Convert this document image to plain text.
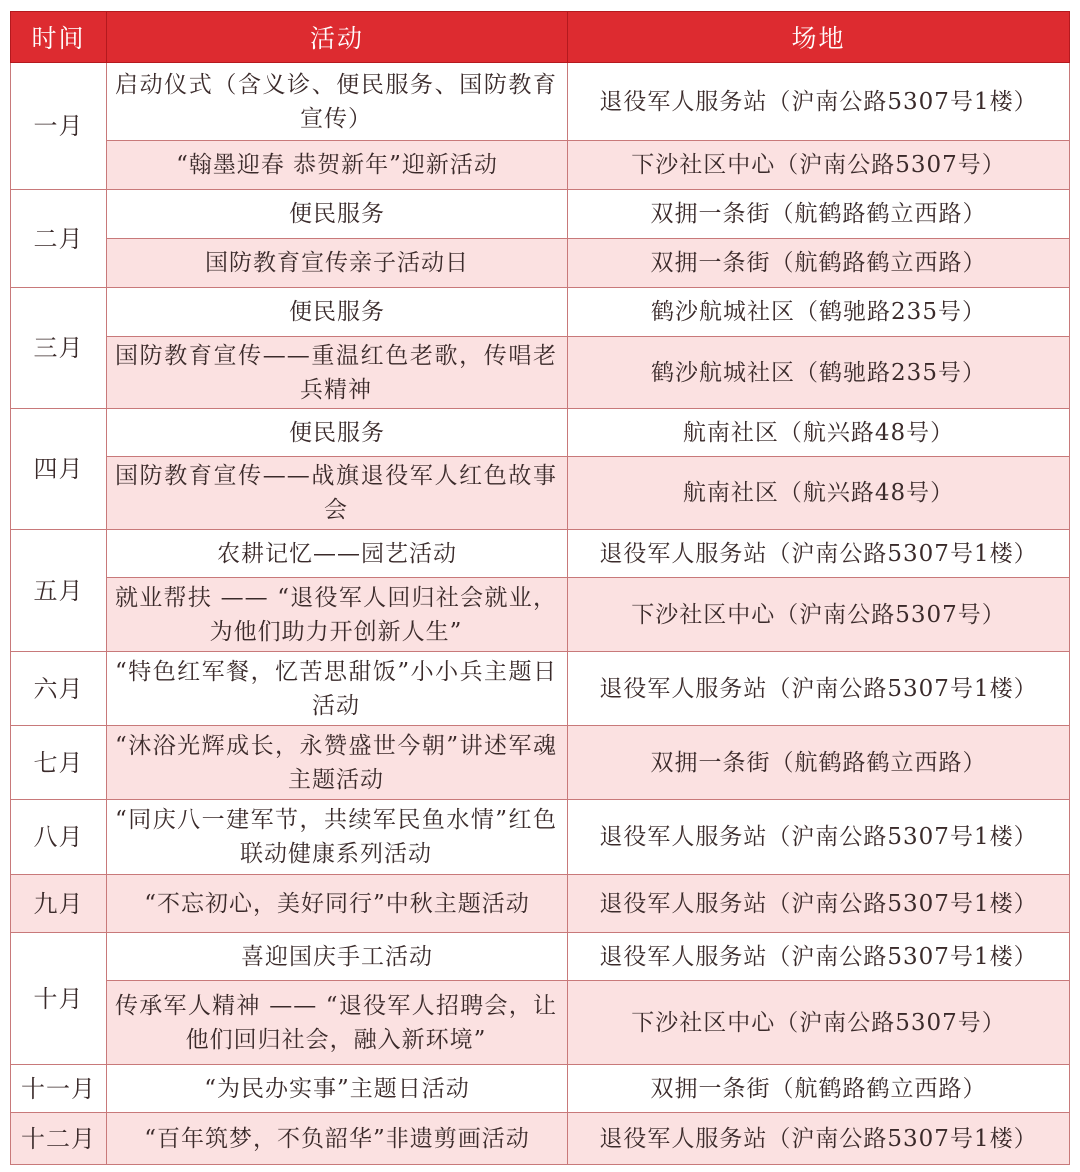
时间	活动	场地
一月	启动仪式（含义诊、便民服务、国防教育宣传）	退役军人服务站（沪南公路5307号1楼）
	“翰墨迎春 恭贺新年”迎新活动	下沙社区中心（沪南公路5307号）
二月	便民服务	双拥一条街（航鹤路鹤立西路）
	国防教育宣传亲子活动日	双拥一条街（航鹤路鹤立西路）
三月	便民服务	鹤沙航城社区（鹤驰路235号）
	国防教育宣传——重温红色老歌，传唱老兵精神	鹤沙航城社区（鹤驰路235号）
四月	便民服务	航南社区（航兴路48号）
	国防教育宣传——战旗退役军人红色故事会	航南社区（航兴路48号）
五月	农耕记忆——园艺活动	退役军人服务站（沪南公路5307号1楼）
	就业帮扶 —— “退役军人回归社会就业，为他们助力开创新人生”	下沙社区中心（沪南公路5307号）
六月	“特色红军餐，忆苦思甜饭”小小兵主题日活动	退役军人服务站（沪南公路5307号1楼）
七月	“沐浴光辉成长，永赞盛世今朝”讲述军魂主题活动	双拥一条街（航鹤路鹤立西路）
八月	“同庆八一建军节，共续军民鱼水情”红色联动健康系列活动	退役军人服务站（沪南公路5307号1楼）
九月	“不忘初心，美好同行”中秋主题活动	退役军人服务站（沪南公路5307号1楼）
十月	喜迎国庆手工活动	退役军人服务站（沪南公路5307号1楼）
	传承军人精神 —— “退役军人招聘会，让他们回归社会，融入新环境”	下沙社区中心（沪南公路5307号）
十一月	“为民办实事”主题日活动	双拥一条街（航鹤路鹤立西路）
十二月	“百年筑梦，不负韶华”非遗剪画活动	退役军人服务站（沪南公路5307号1楼）
